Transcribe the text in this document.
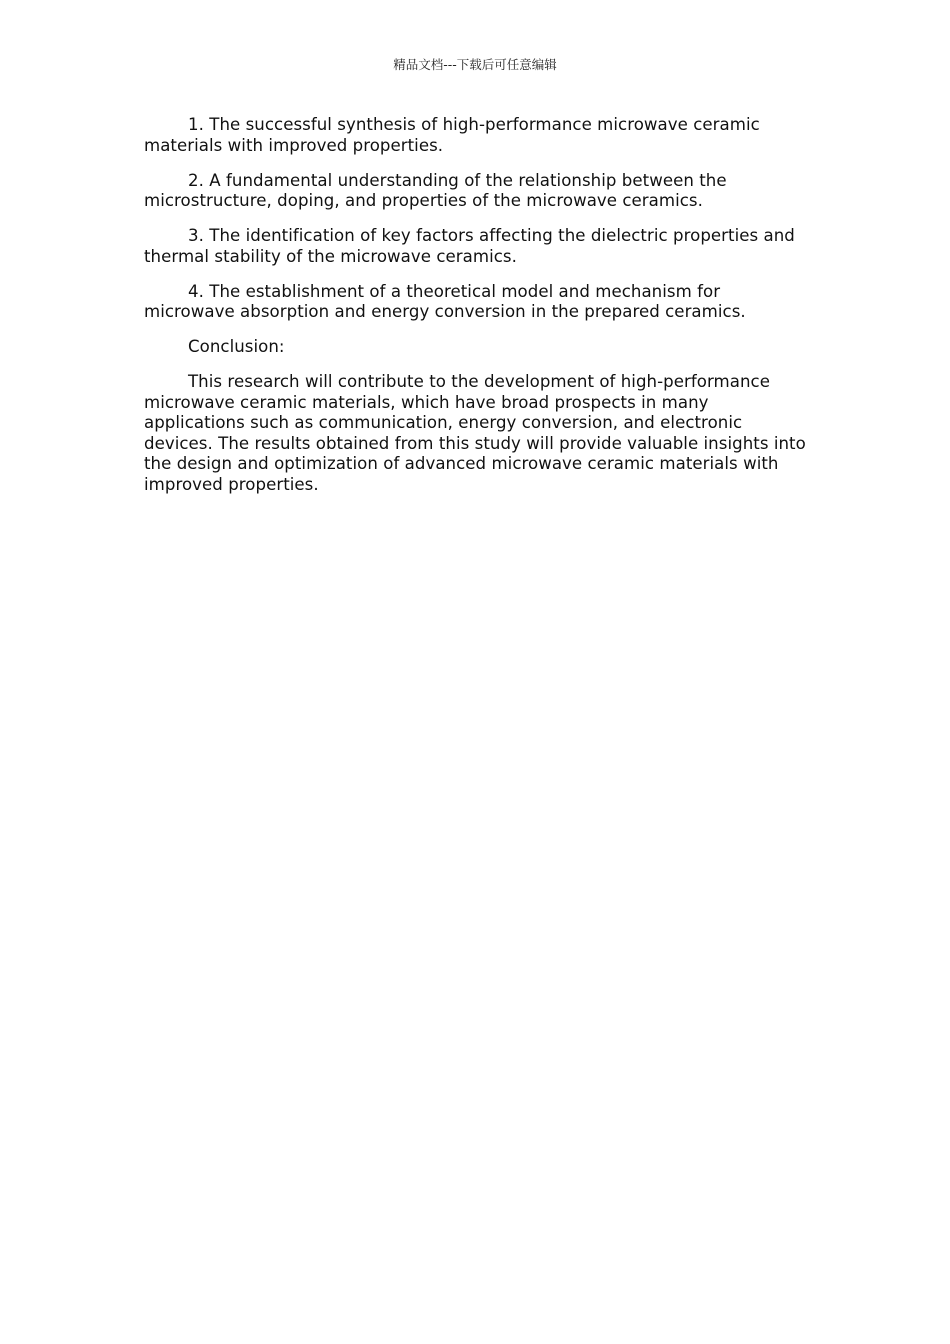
精品文档---下载后可任意编辑

1. The successful synthesis of high-performance microwave ceramic materials with improved properties.

2. A fundamental understanding of the relationship between the microstructure, doping, and properties of the microwave ceramics.

3. The identification of key factors affecting the dielectric properties and thermal stability of the microwave ceramics.

4. The establishment of a theoretical model and mechanism for microwave absorption and energy conversion in the prepared ceramics.

Conclusion:

This research will contribute to the development of high-performance microwave ceramic materials, which have broad prospects in many applications such as communication, energy conversion, and electronic devices. The results obtained from this study will provide valuable insights into the design and optimization of advanced microwave ceramic materials with improved properties.
